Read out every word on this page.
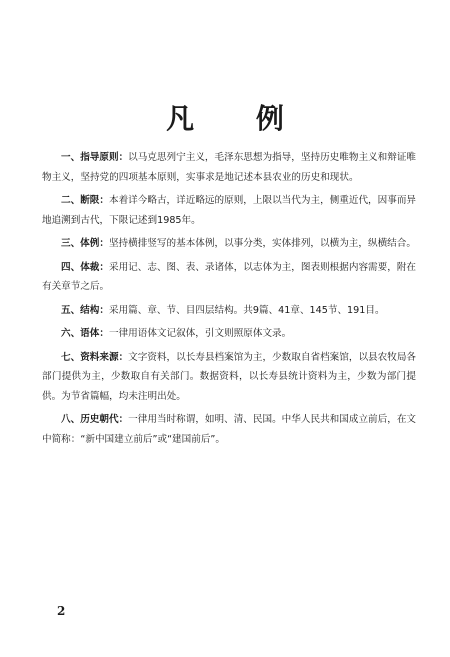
凡 例

一、指导原则：以马克思列宁主义，毛泽东思想为指导，坚持历史唯物主义和辩证唯物主义，坚持党的四项基本原则，实事求是地记述本县农业的历史和现状。

二、断限：本着详今略古，详近略远的原则，上限以当代为主，侧重近代，因事而异地追溯到古代，下限记述到1985年。

三、体例：坚持横排竖写的基本体例，以事分类，实体排列，以横为主，纵横结合。

四、体裁：采用记、志、图、表、录诸体，以志体为主，图表则根据内容需要，附在有关章节之后。

五、结构：采用篇、章、节、目四层结构。共9篇、41章、145节、191目。

六、语体：一律用语体文记叙体，引文则照原体文录。

七、资料来源：文字资料，以长寿县档案馆为主，少数取自省档案馆，以县农牧局各部门提供为主，少数取自有关部门。数据资料，以长寿县统计资料为主，少数为部门提供。为节省篇幅，均未注明出处。

八、历史朝代：一律用当时称谓，如明、清、民国。中华人民共和国成立前后，在文中简称：“新中国建立前后”或“建国前后”。

2
